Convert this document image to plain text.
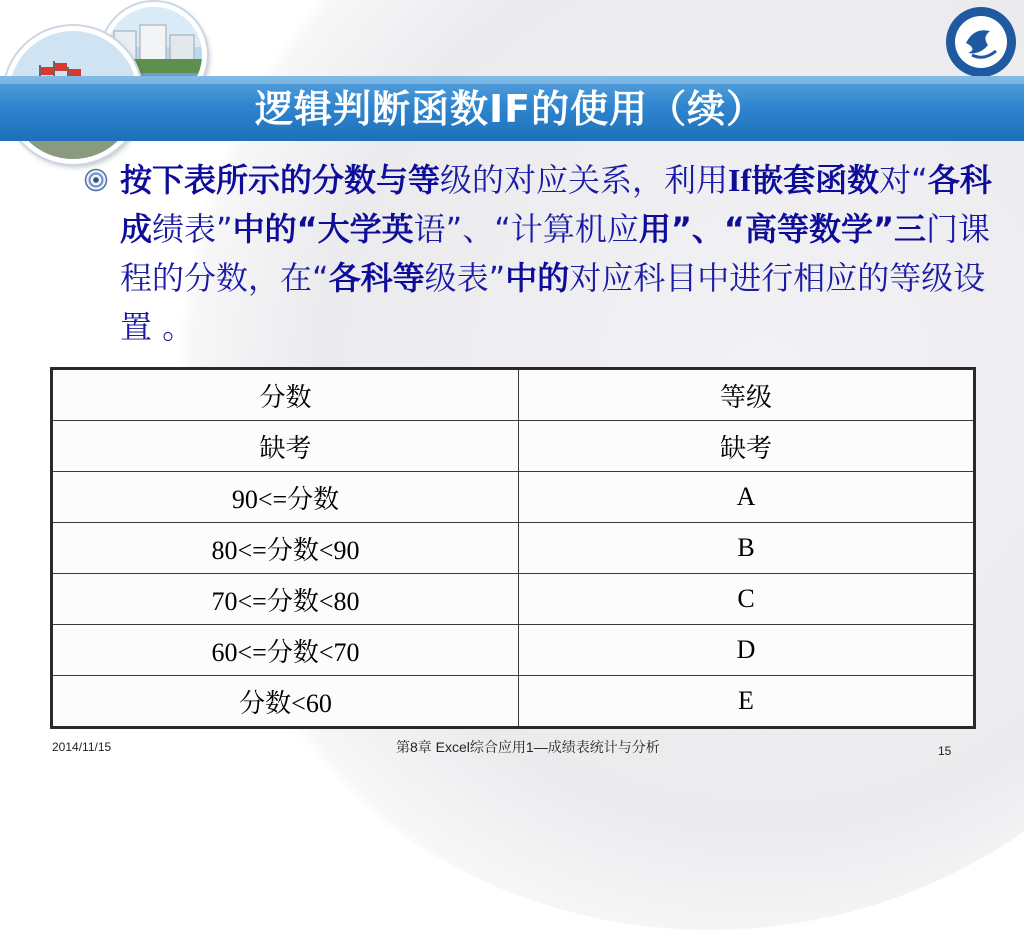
逻辑判断函数IF的使用（续）
按下表所示的分数与等级的对应关系，利用If嵌套函数对“各科成绩表”中的“大学英语”、“计算机应用”、“高等数学”三门课程的分数，在“各科等级表”中的对应科目中进行相应的等级设置 。
分数	等级
缺考	缺考
90<=分数	A
80<=分数<90	B
70<=分数<80	C
60<=分数<70	D
分数<60	E
2014/11/15	第8章 Excel综合应用1—成绩表统计与分析	15
